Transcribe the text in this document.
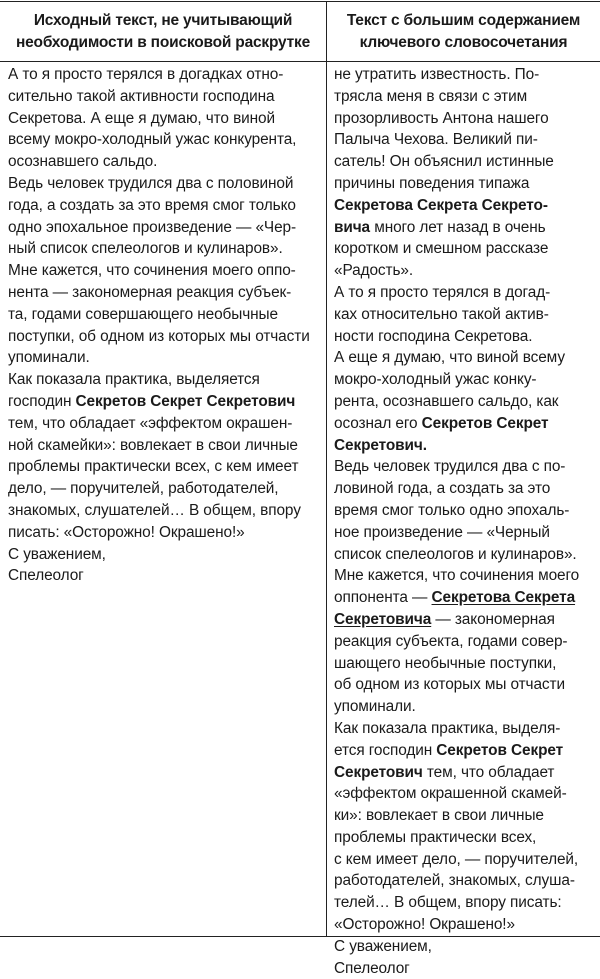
Исходный текст, не учитывающий
необходимости в поисковой раскрутке
Текст с большим содержанием
ключевого словосочетания
А то я просто терялся в догадках отно-
сительно такой активности господина
Секретова. А еще я думаю, что виной
всему мокро-холодный ужас конкурента,
осознавшего сальдо.
Ведь человек трудился два с половиной
года, а создать за это время смог только
одно эпохальное произведение — «Чер-
ный список спелеологов и кулинаров».
Мне кажется, что сочинения моего оппо-
нента — закономерная реакция субъек-
та, годами совершающего необычные
поступки, об одном из которых мы отчасти
упоминали.
Как показала практика, выделяется
господин Секретов Секрет Секретович
тем, что обладает «эффектом окрашен-
ной скамейки»: вовлекает в свои личные
проблемы практически всех, с кем имеет
дело, — поручителей, работодателей,
знакомых, слушателей… В общем, впору
писать: «Осторожно! Окрашено!»
С уважением,
Спелеолог
не утратить известность. По-
трясла меня в связи с этим
прозорливость Антона нашего
Палыча Чехова. Великий пи-
сатель! Он объяснил истинные
причины поведения типажа
Секретова Секрета Секрето-
вича много лет назад в очень
коротком и смешном рассказе
«Радость».
А то я просто терялся в догад-
ках относительно такой актив-
ности господина Секретова.
А еще я думаю, что виной всему
мокро-холодный ужас конку-
рента, осознавшего сальдо, как
осознал его Секретов Секрет
Секретович.
Ведь человек трудился два с по-
ловиной года, а создать за это
время смог только одно эпохаль-
ное произведение — «Черный
список спелеологов и кулинаров».
Мне кажется, что сочинения моего
оппонента — Секретова Секрета
Секретовича — закономерная
реакция субъекта, годами совер-
шающего необычные поступки,
об одном из которых мы отчасти
упоминали.
Как показала практика, выделя-
ется господин Секретов Секрет
Секретович тем, что обладает
«эффектом окрашенной скамей-
ки»: вовлекает в свои личные
проблемы практически всех,
с кем имеет дело, — поручителей,
работодателей, знакомых, слуша-
телей… В общем, впору писать:
«Осторожно! Окрашено!»
С уважением,
Спелеолог
